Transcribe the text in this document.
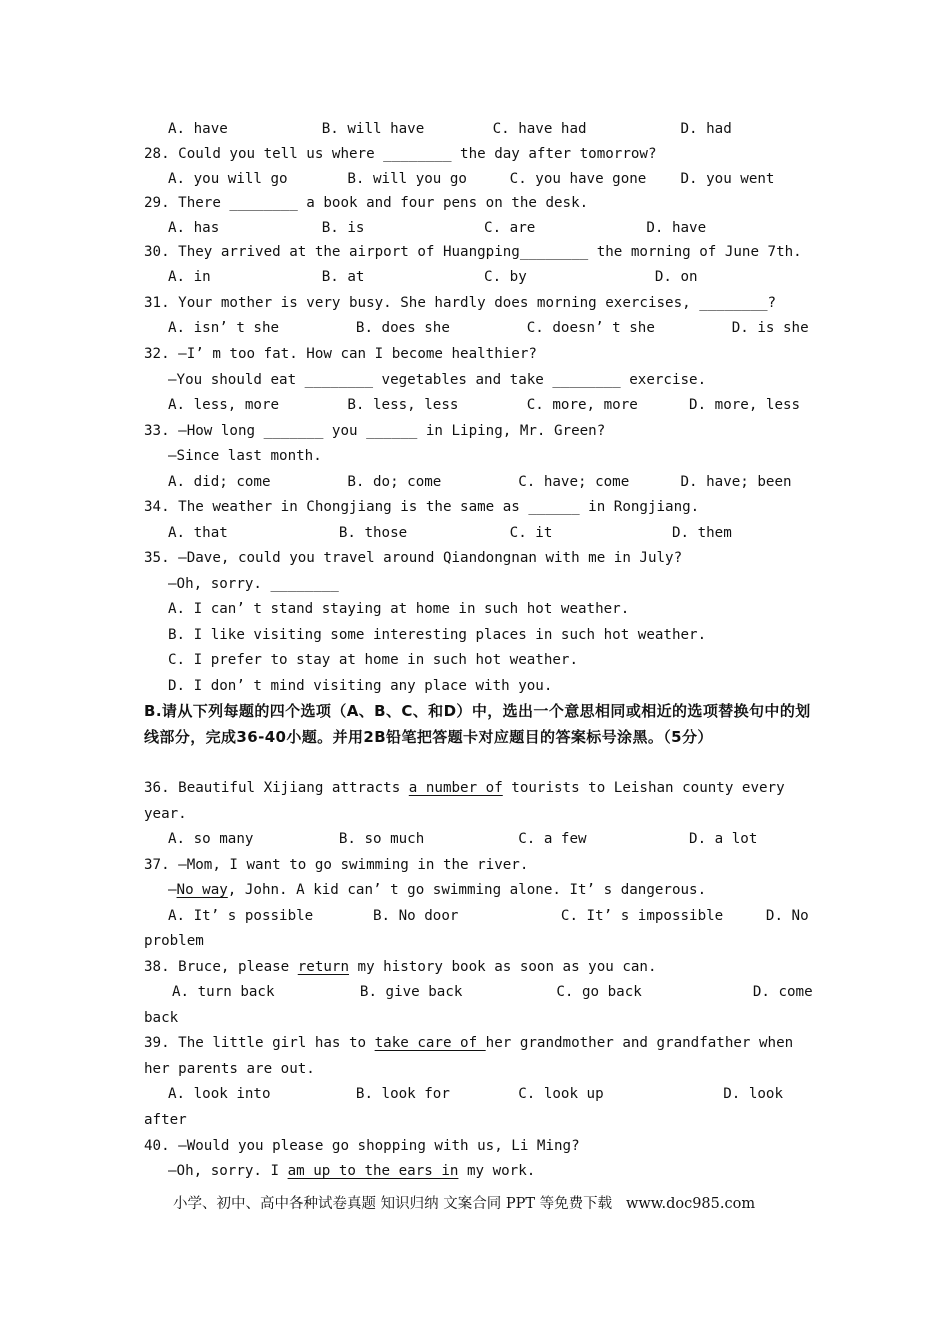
A. have           B. will have        C. have had           D. had
28. Could you tell us where ________ the day after tomorrow?
A. you will go       B. will you go     C. you have gone    D. you went
29. There ________ a book and four pens on the desk.
A. has            B. is              C. are             D. have
30. They arrived at the airport of Huangping________ the morning of June 7th.
A. in             B. at              C. by               D. on
31. Your mother is very busy. She hardly does morning exercises, ________?
A. isn’ t she         B. does she         C. doesn’ t she         D. is she
32. —I’ m too fat. How can I become healthier?
—You should eat ________ vegetables and take ________ exercise.
A. less, more        B. less, less        C. more, more      D. more, less
33. —How long _______ you ______ in Liping, Mr. Green?
—Since last month.
A. did; come         B. do; come         C. have; come      D. have; been
34. The weather in Chongjiang is the same as ______ in Rongjiang.
A. that             B. those            C. it              D. them
35. —Dave, could you travel around Qiandongnan with me in July?
—Oh, sorry. ________
A. I can’ t stand staying at home in such hot weather.
B. I like visiting some interesting places in such hot weather.
C. I prefer to stay at home in such hot weather.
D. I don’ t mind visiting any place with you.
B.请从下列每题的四个选项（A、B、C、和D）中，选出一个意思相同或相近的选项替换句中的划线部分，完成36-40小题。并用2B铅笔把答题卡对应题目的答案标号涂黑。（5分）
36. Beautiful Xijiang attracts a number of tourists to Leishan county every
year.
A. so many          B. so much           C. a few            D. a lot
37. —Mom, I want to go swimming in the river.
—No way, John. A kid can’ t go swimming alone. It’ s dangerous.
A. It’ s possible       B. No door            C. It’ s impossible     D. No
problem
38. Bruce, please return my history book as soon as you can.
A. turn back          B. give back           C. go back             D. come
back
39. The little girl has to take care of her grandmother and grandfather when
her parents are out.
A. look into          B. look for        C. look up              D. look
after
40. —Would you please go shopping with us, Li Ming?
—Oh, sorry. I am up to the ears in my work.
小学、初中、高中各种试卷真题 知识归纳 文案合同 PPT 等免费下载   www.doc985.com
